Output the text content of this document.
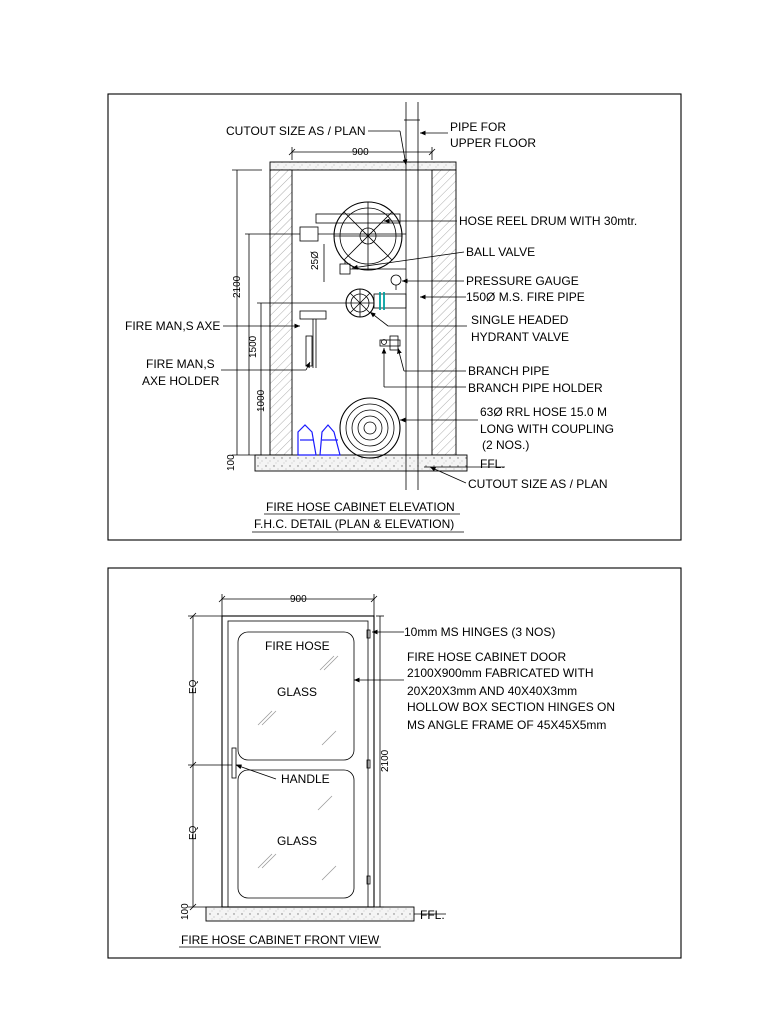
900
2100
1500
1000
100
25Ø
CUTOUT SIZE AS / PLAN	PIPE FOR
UPPER FLOOR
HOSE REEL DRUM WITH 30mtr.
BALL VALVE
PRESSURE GAUGE
150Ø M.S. FIRE PIPE
SINGLE HEADED
HYDRANT VALVE
FIRE MAN,S AXE
FIRE MAN,S
AXE HOLDER
BRANCH PIPE
BRANCH PIPE HOLDER
63Ø RRL HOSE 15.0 M
LONG WITH COUPLING
(2 NOS.)
FFL.
CUTOUT SIZE AS / PLAN
FIRE HOSE CABINET ELEVATION
F.H.C. DETAIL (PLAN & ELEVATION)
900
EQ
EQ
100
2100
10mm MS HINGES (3 NOS)
FIRE HOSE CABINET DOOR
2100X900mm FABRICATED WITH
20X20X3mm AND 40X40X3mm
HOLLOW BOX SECTION HINGES ON
MS ANGLE FRAME OF 45X45X5mm
FIRE HOSE
GLASS
HANDLE
GLASS
FFL.
FIRE HOSE CABINET FRONT VIEW
